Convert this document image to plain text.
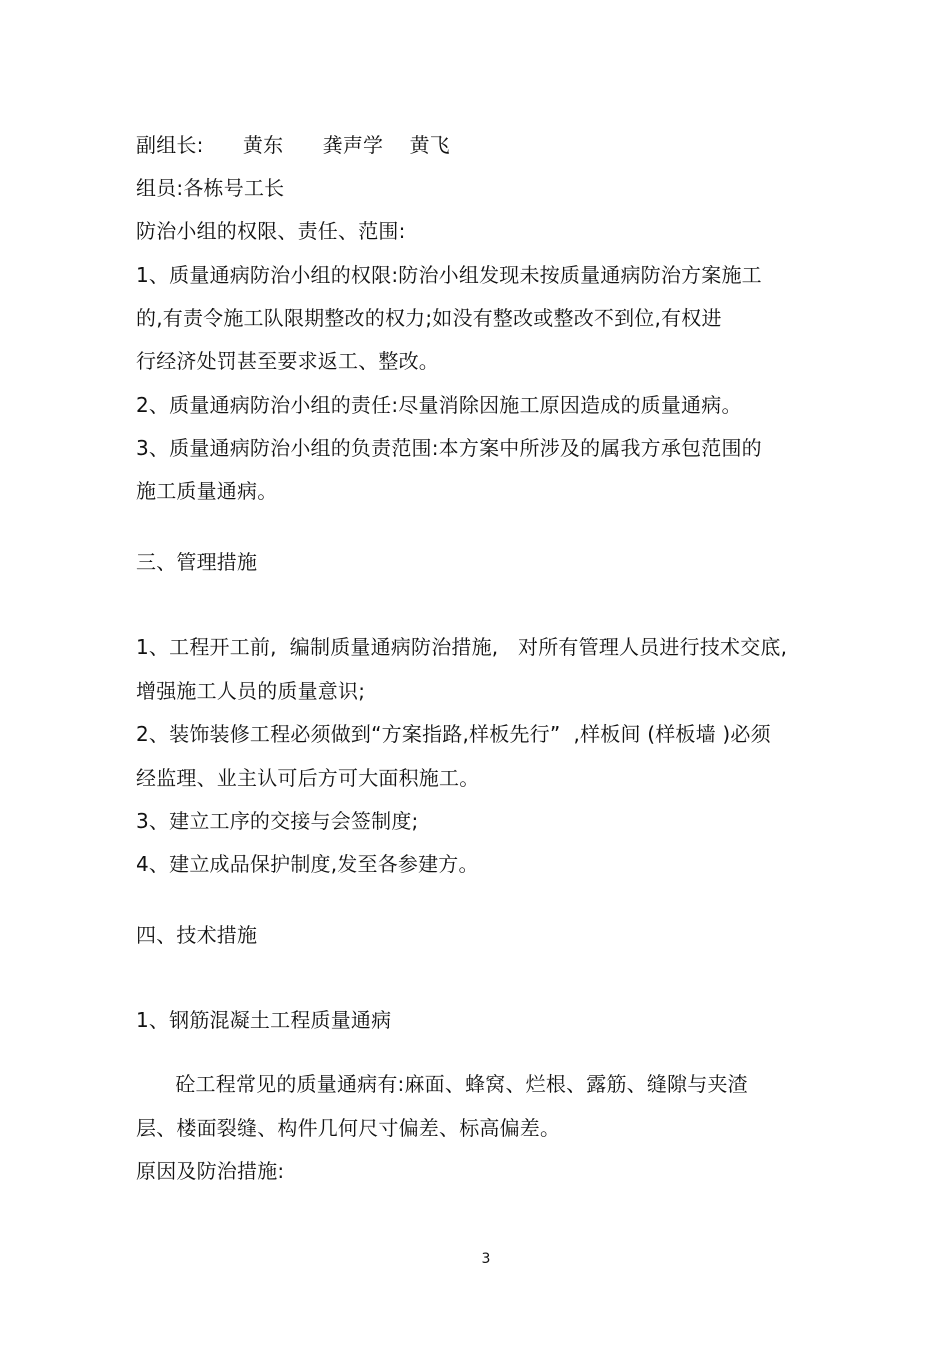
副组长:      黄东      龚声学    黄飞
组员:各栋号工长
防治小组的权限、责任、范围:
1、质量通病防治小组的权限:防治小组发现未按质量通病防治方案施工
的,有责令施工队限期整改的权力;如没有整改或整改不到位,有权进
行经济处罚甚至要求返工、整改。
2、质量通病防治小组的责任:尽量消除因施工原因造成的质量通病。
3、质量通病防治小组的负责范围:本方案中所涉及的属我方承包范围的
施工质量通病。
三、管理措施
1、工程开工前,  编制质量通病防治措施,   对所有管理人员进行技术交底,
增强施工人员的质量意识;
2、装饰装修工程必须做到“方案指路,样板先行”  ,样板间 (样板墙 )必须
经监理、业主认可后方可大面积施工。
3、建立工序的交接与会签制度;
4、建立成品保护制度,发至各参建方。
四、技术措施
1、钢筋混凝土工程质量通病
砼工程常见的质量通病有:麻面、蜂窝、烂根、露筋、缝隙与夹渣
层、楼面裂缝、构件几何尺寸偏差、标高偏差。
原因及防治措施:
3
